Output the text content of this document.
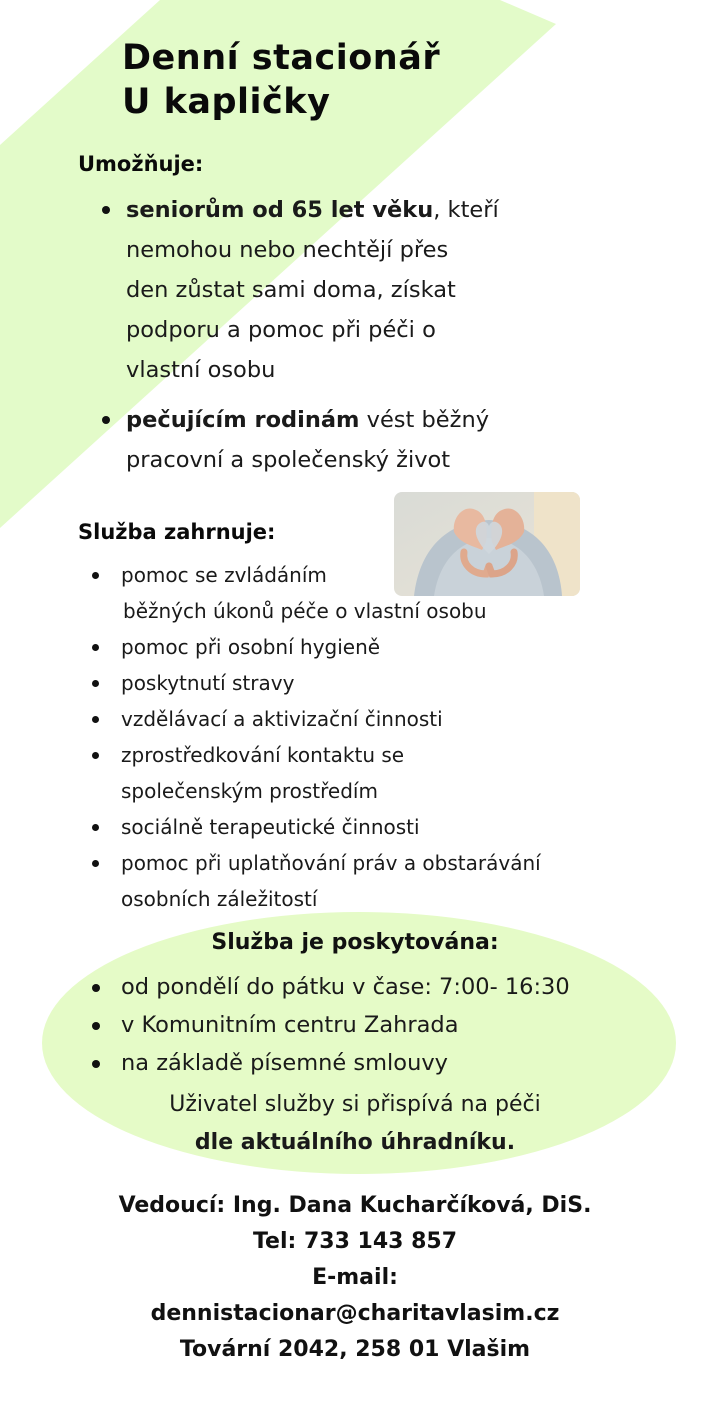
Denní stacionář
U kapličky
Umožňuje:
seniorům od 65 let věku, kteří
nemohou nebo nechtějí přes
den zůstat sami doma, získat
podporu a pomoc při péči o
vlastní osobu
pečujícím rodinám vést běžný
pracovní a společenský život
Služba zahrnuje:
pomoc se zvládáním
běžných úkonů péče o vlastní osobu
pomoc při osobní hygieně
poskytnutí stravy
vzdělávací a aktivizační činnosti
zprostředkování kontaktu se
společenským prostředím
sociálně terapeutické činnosti
pomoc při uplatňování práv a obstarávání
osobních záležitostí
Služba je poskytována:
od pondělí do pátku v čase: 7:00- 16:30
v Komunitním centru Zahrada
na základě písemné smlouvy

Uživatel služby si přispívá na péči
dle aktuálního úhradníku.

Vedoucí: Ing. Dana Kucharčíková, DiS.
Tel: 733 143 857
E-mail:
dennistacionar@charitavlasim.cz
Tovární 2042, 258 01 Vlašim
